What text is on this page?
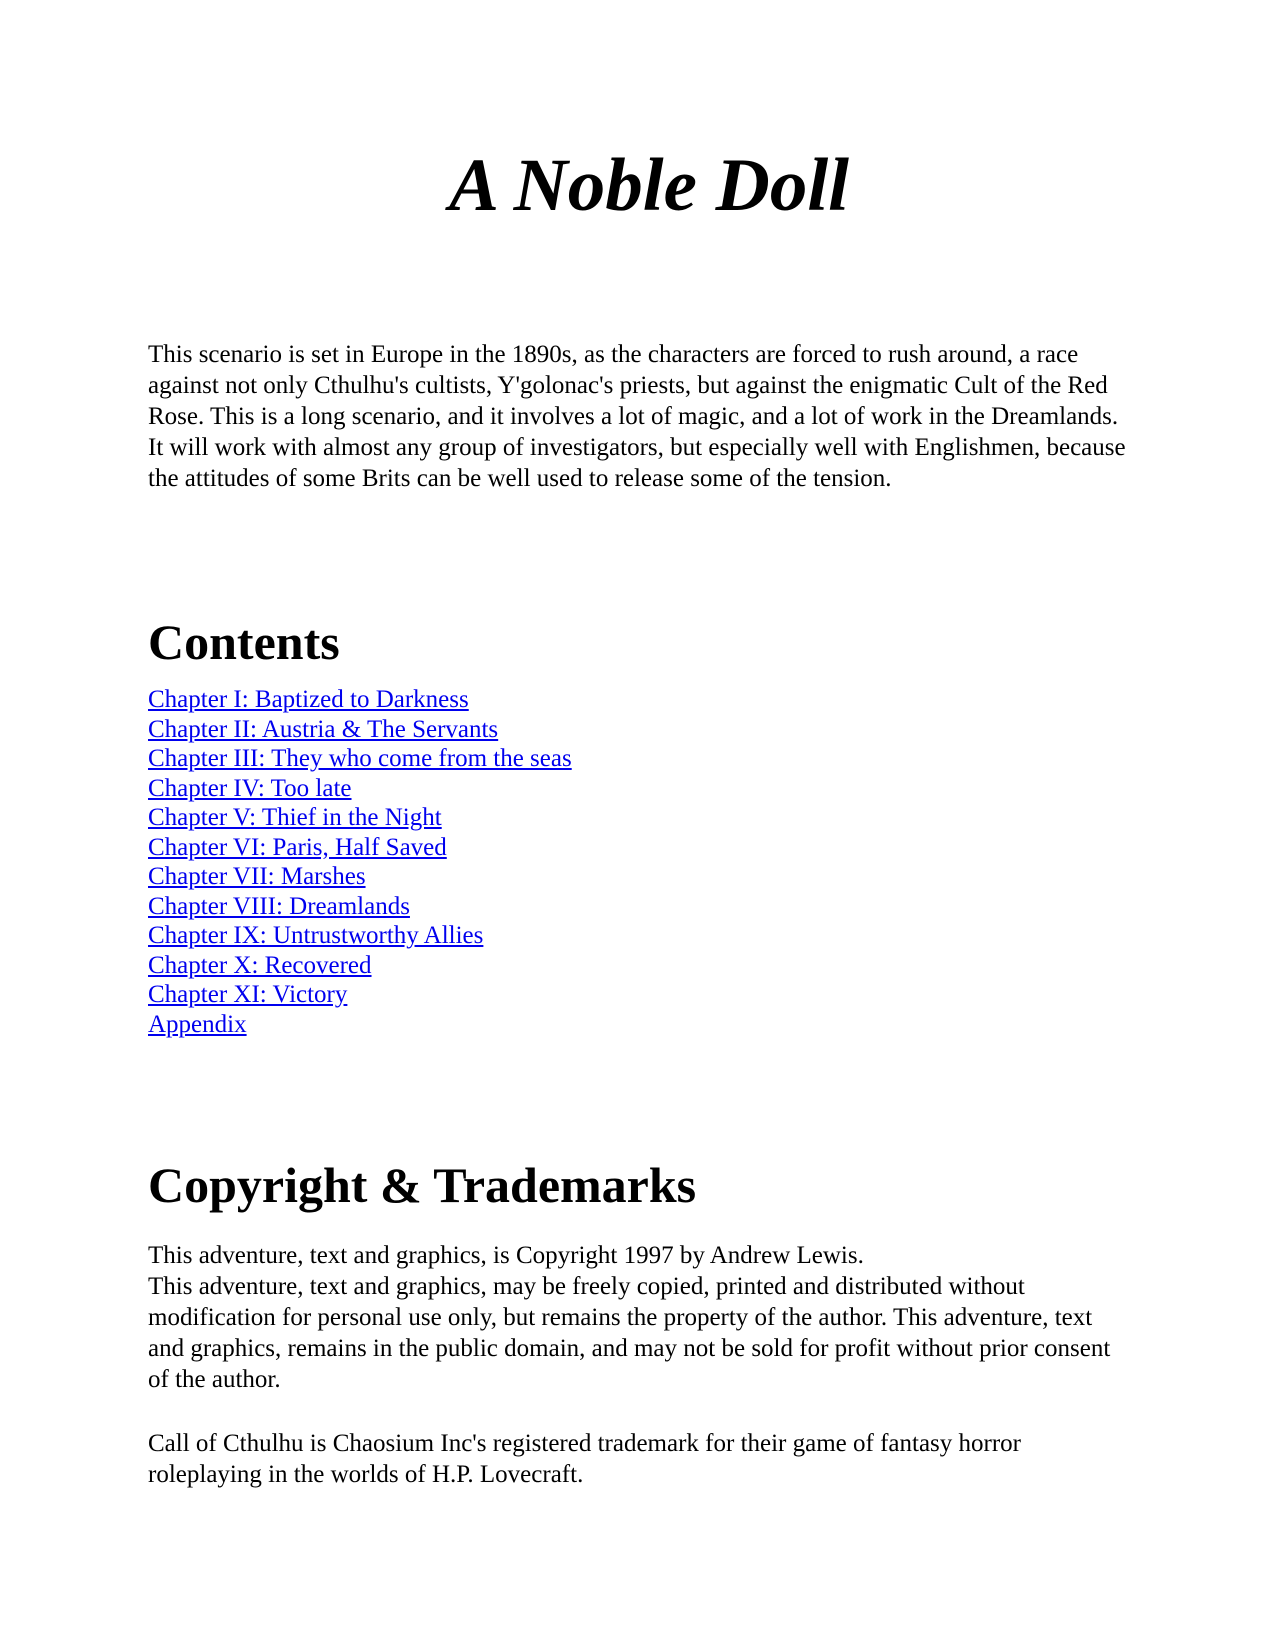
A Noble Doll
This scenario is set in Europe in the 1890s, as the characters are forced to rush around, a race
against not only Cthulhu's cultists, Y'golonac's priests, but against the enigmatic Cult of the Red
Rose. This is a long scenario, and it involves a lot of magic, and a lot of work in the Dreamlands.
It will work with almost any group of investigators, but especially well with Englishmen, because
the attitudes of some Brits can be well used to release some of the tension.
Contents
Chapter I: Baptized to Darkness
Chapter II: Austria & The Servants
Chapter III: They who come from the seas
Chapter IV: Too late
Chapter V: Thief in the Night
Chapter VI: Paris, Half Saved
Chapter VII: Marshes
Chapter VIII: Dreamlands
Chapter IX: Untrustworthy Allies
Chapter X: Recovered
Chapter XI: Victory
Appendix
Copyright & Trademarks
This adventure, text and graphics, is Copyright 1997 by Andrew Lewis.
This adventure, text and graphics, may be freely copied, printed and distributed without
modification for personal use only, but remains the property of the author. This adventure, text
and graphics, remains in the public domain, and may not be sold for profit without prior consent
of the author.
Call of Cthulhu is Chaosium Inc's registered trademark for their game of fantasy horror
roleplaying in the worlds of H.P. Lovecraft.
